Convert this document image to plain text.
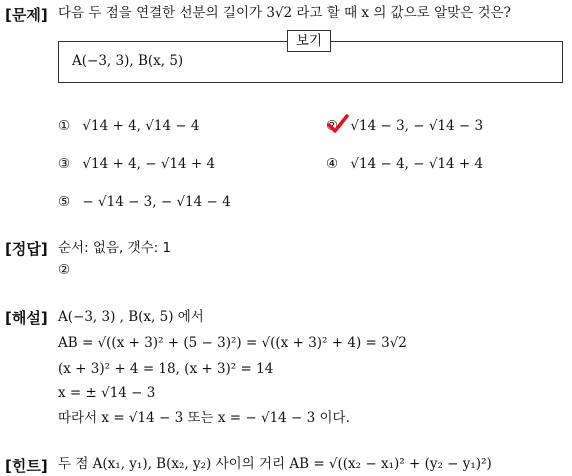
[문제] 다음 두 점을 연결한 선분의 길이가 3√2 라고 할 때 x 의 값으로 알맞은 것은?
A(−3, 3), B(x, 5)
보기
① √14 + 4, √14 − 4	② √14 − 3, − √14 − 3
③ √14 + 4, − √14 + 4	④ √14 − 4, − √14 + 4
⑤ − √14 − 3, − √14 − 4
[정답] 순서: 없음, 갯수: 1
②
[해설] A(−3, 3) , B(x, 5) 에서
AB = √((x + 3)² + (5 − 3)²) = √((x + 3)² + 4) = 3√2
(x + 3)² + 4 = 18, (x + 3)² = 14
x = ± √14 − 3
따라서 x = √14 − 3 또는 x = − √14 − 3 이다.
[힌트] 두 점 A(x₁, y₁), B(x₂, y₂) 사이의 거리 AB = √((x₂ − x₁)² + (y₂ − y₁)²)
